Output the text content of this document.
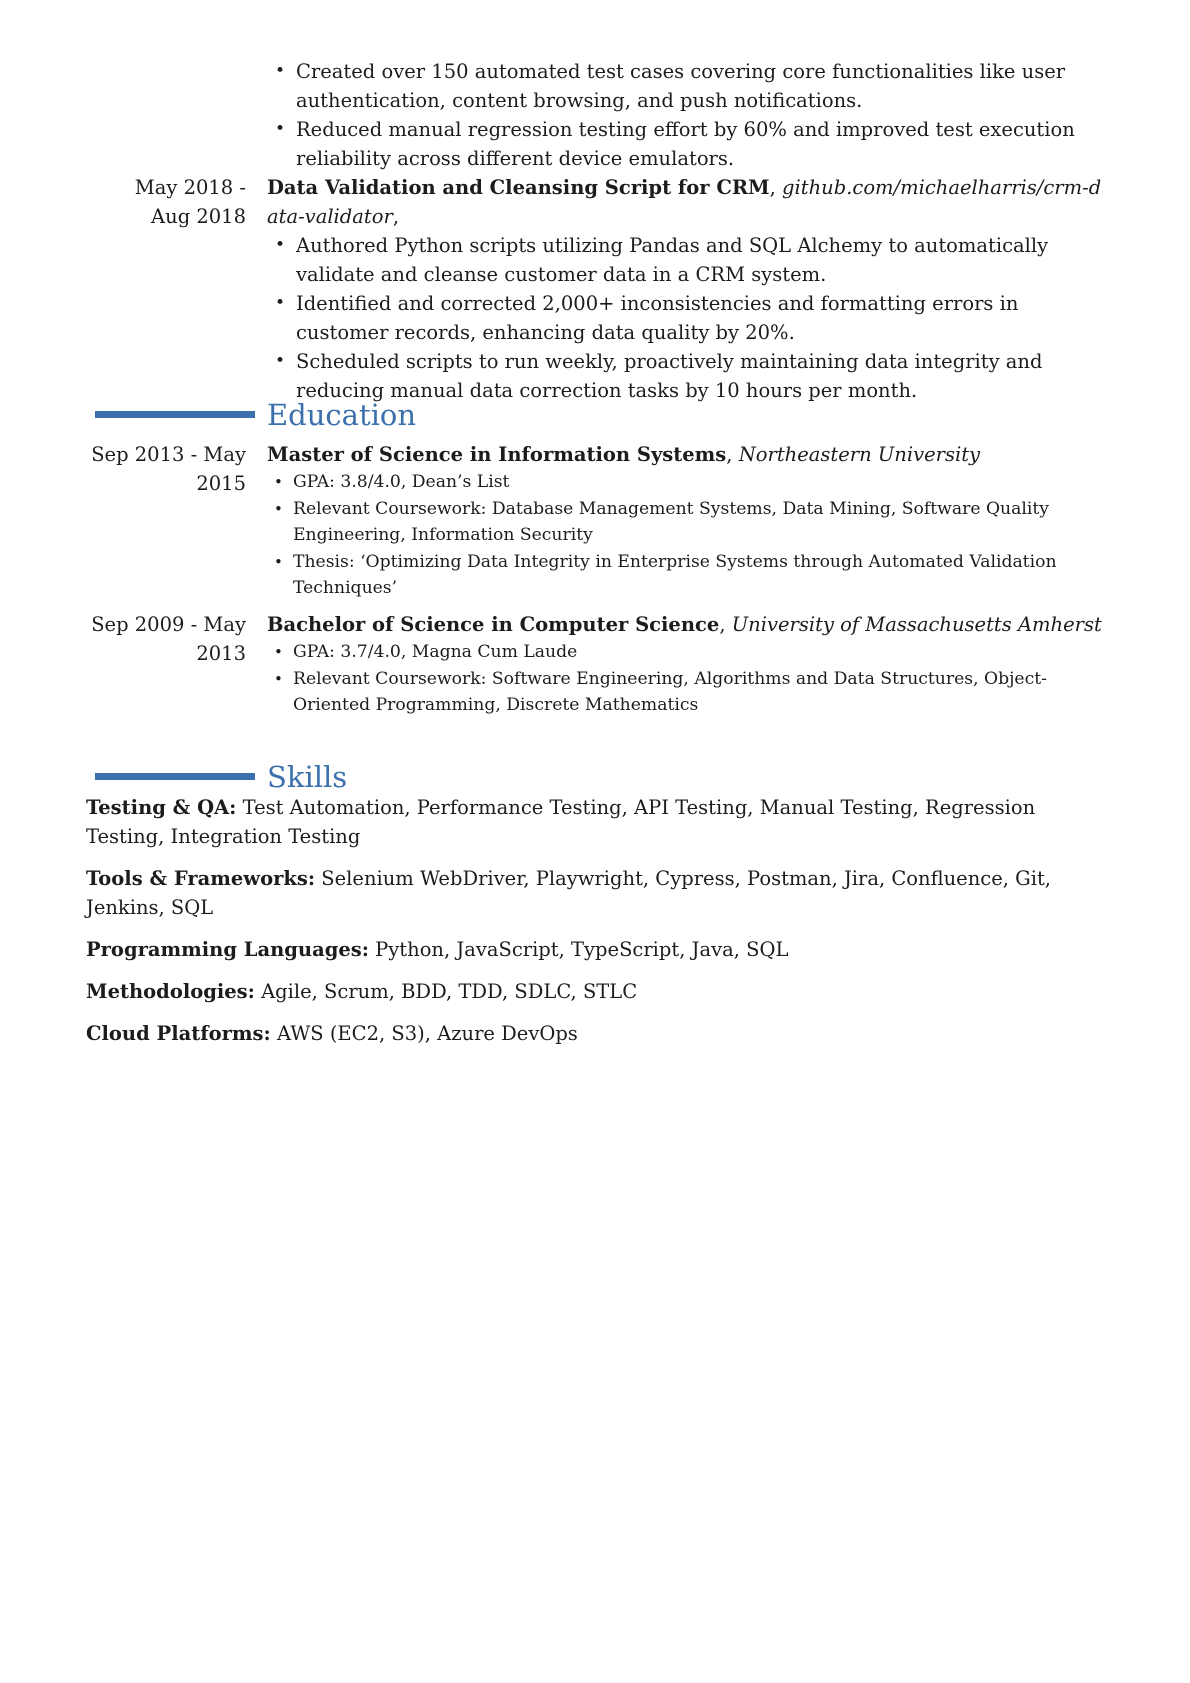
• Created over 150 automated test cases covering core functionalities like user authentication, content browsing, and push notifications.
• Reduced manual regression testing effort by 60% and improved test execution reliability across different device emulators.
May 2018 -
Aug 2018

Data Validation and Cleansing Script for CRM, github.com/michaelharris/crm-data-validator,

• Authored Python scripts utilizing Pandas and SQL Alchemy to automatically validate and cleanse customer data in a CRM system.
• Identified and corrected 2,000+ inconsistencies and formatting errors in customer records, enhancing data quality by 20%.
• Scheduled scripts to run weekly, proactively maintaining data integrity and reducing manual data correction tasks by 10 hours per month.
Education
Sep 2013 - May
2015

Master of Science in Information Systems, Northeastern University

• GPA: 3.8/4.0, Dean’s List
• Relevant Coursework: Database Management Systems, Data Mining, Software Quality Engineering, Information Security
• Thesis: ‘Optimizing Data Integrity in Enterprise Systems through Automated Validation Techniques’
Sep 2009 - May
2013

Bachelor of Science in Computer Science, University of Massachusetts Amherst

• GPA: 3.7/4.0, Magna Cum Laude
• Relevant Coursework: Software Engineering, Algorithms and Data Structures, Object-Oriented Programming, Discrete Mathematics
Skills
Testing & QA: Test Automation, Performance Testing, API Testing, Manual Testing, Regression Testing, Integration Testing
Tools & Frameworks: Selenium WebDriver, Playwright, Cypress, Postman, Jira, Confluence, Git, Jenkins, SQL
Programming Languages: Python, JavaScript, TypeScript, Java, SQL
Methodologies: Agile, Scrum, BDD, TDD, SDLC, STLC
Cloud Platforms: AWS (EC2, S3), Azure DevOps
